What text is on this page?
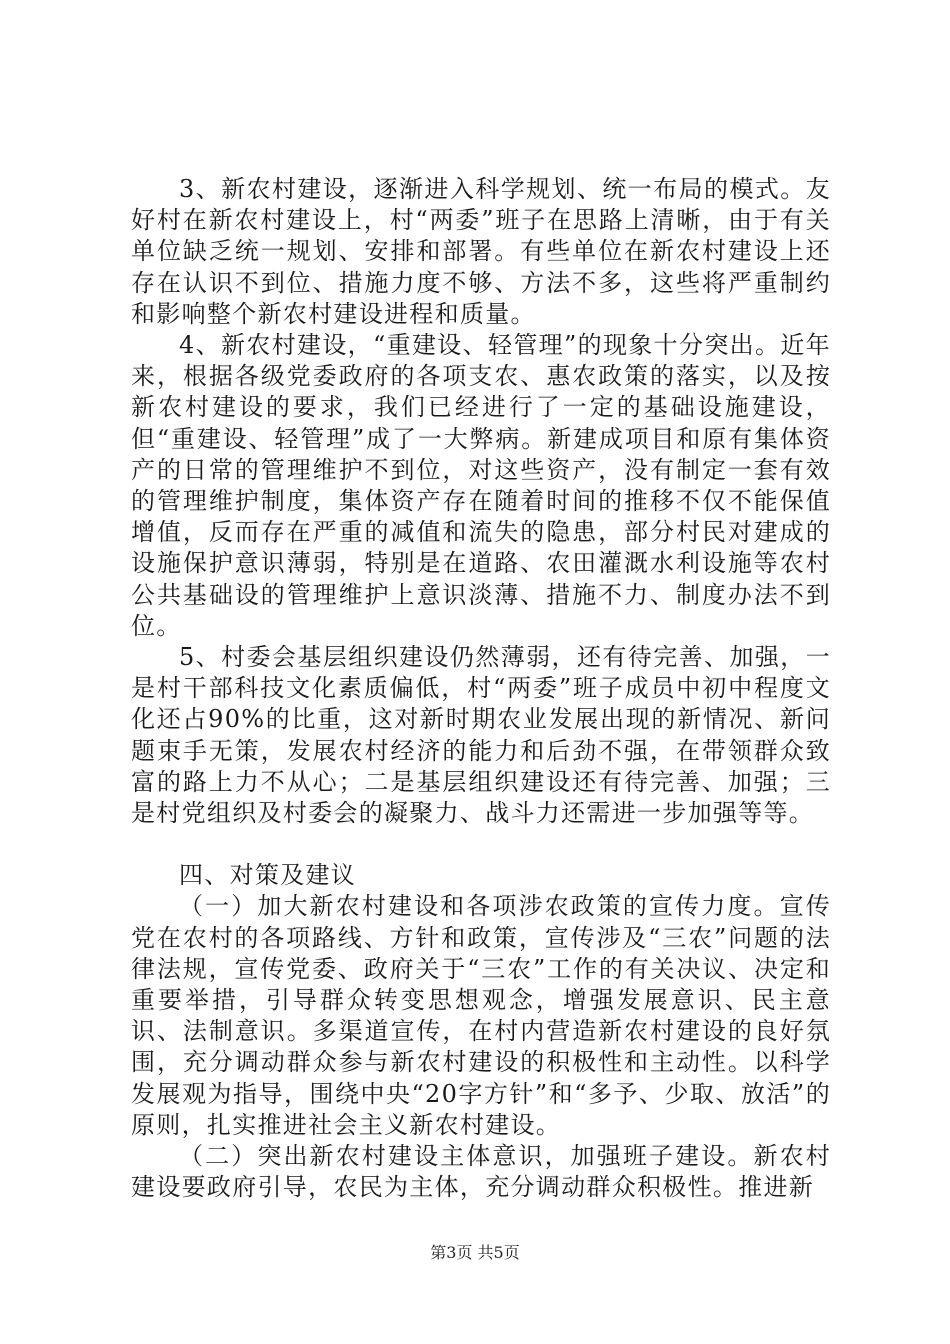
3、新农村建设，逐渐进入科学规划、统一布局的模式。友好村在新农村建设上，村“两委”班子在思路上清晰，由于有关单位缺乏统一规划、安排和部署。有些单位在新农村建设上还存在认识不到位、措施力度不够、方法不多，这些将严重制约和影响整个新农村建设进程和质量。

4、新农村建设，“重建设、轻管理”的现象十分突出。近年来，根据各级党委政府的各项支农、惠农政策的落实，以及按新农村建设的要求，我们已经进行了一定的基础设施建设，但“重建设、轻管理”成了一大弊病。新建成项目和原有集体资产的日常的管理维护不到位，对这些资产，没有制定一套有效的管理维护制度，集体资产存在随着时间的推移不仅不能保值增值，反而存在严重的减值和流失的隐患，部分村民对建成的设施保护意识薄弱，特别是在道路、农田灌溉水利设施等农村公共基础设的管理维护上意识淡薄、措施不力、制度办法不到位。

5、村委会基层组织建设仍然薄弱，还有待完善、加强，一是村干部科技文化素质偏低，村“两委”班子成员中初中程度文化还占90%的比重，这对新时期农业发展出现的新情况、新问题束手无策，发展农村经济的能力和后劲不强，在带领群众致富的路上力不从心；二是基层组织建设还有待完善、加强；三是村党组织及村委会的凝聚力、战斗力还需进一步加强等等。

四、对策及建议

（一）加大新农村建设和各项涉农政策的宣传力度。宣传党在农村的各项路线、方针和政策，宣传涉及“三农”问题的法律法规，宣传党委、政府关于“三农”工作的有关决议、决定和重要举措，引导群众转变思想观念，增强发展意识、民主意识、法制意识。多渠道宣传，在村内营造新农村建设的良好氛围，充分调动群众参与新农村建设的积极性和主动性。以科学发展观为指导，围绕中央“20字方针”和“多予、少取、放活”的原则，扎实推进社会主义新农村建设。

（二）突出新农村建设主体意识，加强班子建设。新农村建设要政府引导，农民为主体，充分调动群众积极性。推进新

第3页 共5页
